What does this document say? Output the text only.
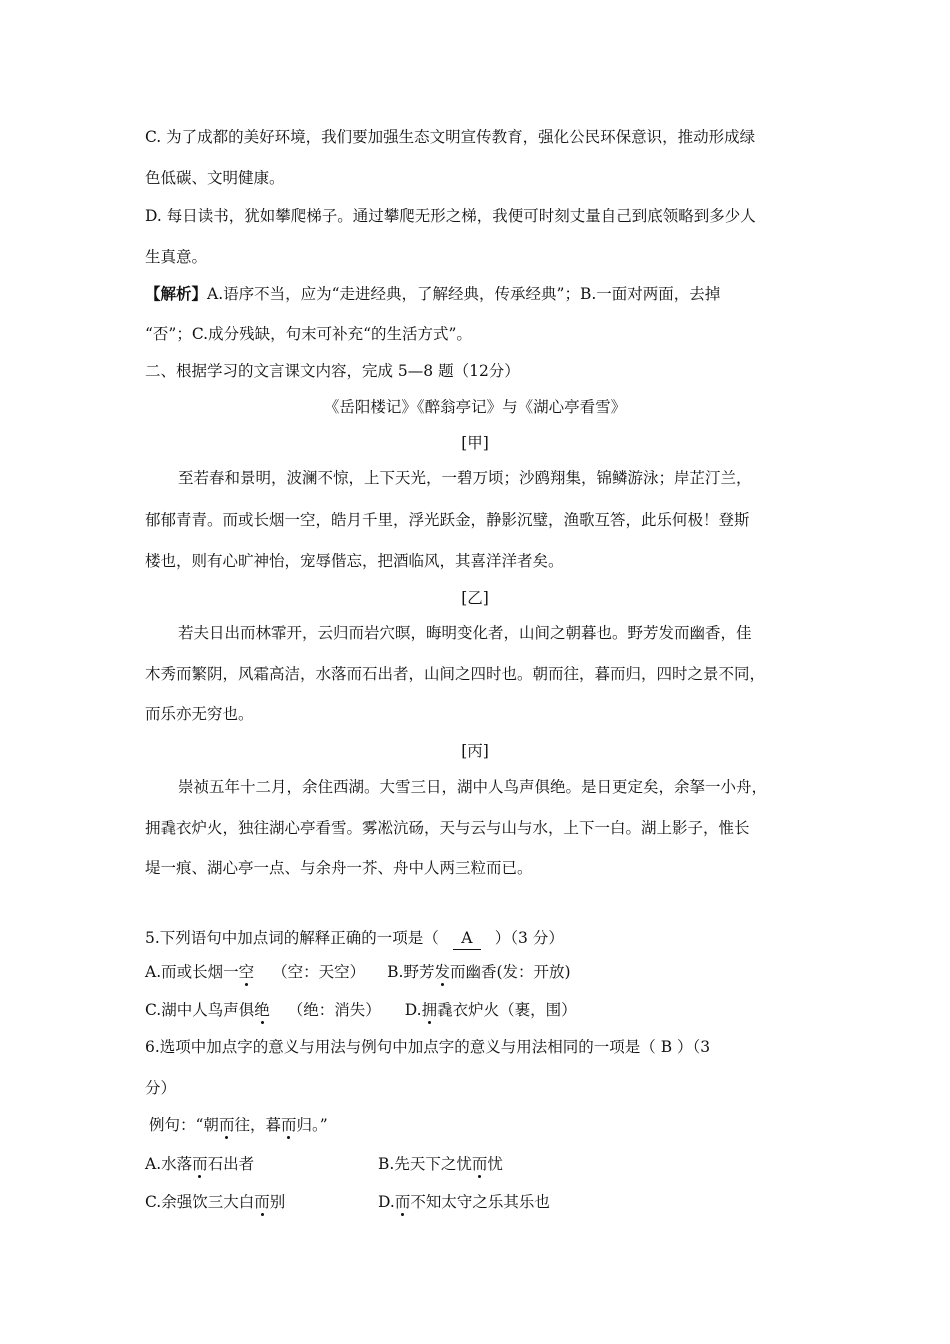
C. 为了成都的美好环境，我们要加强生态文明宣传教育，强化公民环保意识，推动形成绿
色低碳、文明健康。
D. 每日读书，犹如攀爬梯子。通过攀爬无形之梯，我便可时刻丈量自己到底领略到多少人
生真意。
【解析】A.语序不当，应为“走进经典，了解经典，传承经典”；B.一面对两面，去掉
“否”；C.成分残缺，句末可补充“的生活方式”。
二、根据学习的文言课文内容，完成 5—8 题（12分）
《岳阳楼记》《醉翁亭记》与《湖心亭看雪》
[甲]
至若春和景明，波澜不惊，上下天光，一碧万顷；沙鸥翔集，锦鳞游泳；岸芷汀兰，
郁郁青青。而或长烟一空，皓月千里，浮光跃金，静影沉璧，渔歌互答，此乐何极！登斯
楼也，则有心旷神怡，宠辱偕忘，把酒临风，其喜洋洋者矣。
[乙]
若夫日出而林霏开，云归而岩穴暝，晦明变化者，山间之朝暮也。野芳发而幽香，佳
木秀而繁阴，风霜高洁，水落而石出者，山间之四时也。朝而往，暮而归，四时之景不同，
而乐亦无穷也。
[丙]
崇祯五年十二月，余住西湖。大雪三日，湖中人鸟声俱绝。是日更定矣，余拏一小舟，
拥毳衣炉火，独往湖心亭看雪。雾凇沆砀，天与云与山与水，上下一白。湖上影子，惟长
堤一痕、湖心亭一点、与余舟一芥、舟中人两三粒而已。
5.下列语句中加点词的解释正确的一项是（ A ）（3 分）
A.而或长烟一空 （空：天空） B.野芳发而幽香(发：开放)
C.湖中人鸟声俱绝 （绝：消失） D.拥毳衣炉火（裹，围）
6.选项中加点字的意义与用法与例句中加点字的意义与用法相同的一项是（ B ）（3
分）
例句：“朝而往，暮而归。”
A.水落而石出者	B.先天下之忧而忧
C.余强饮三大白而别	D.而不知太守之乐其乐也
